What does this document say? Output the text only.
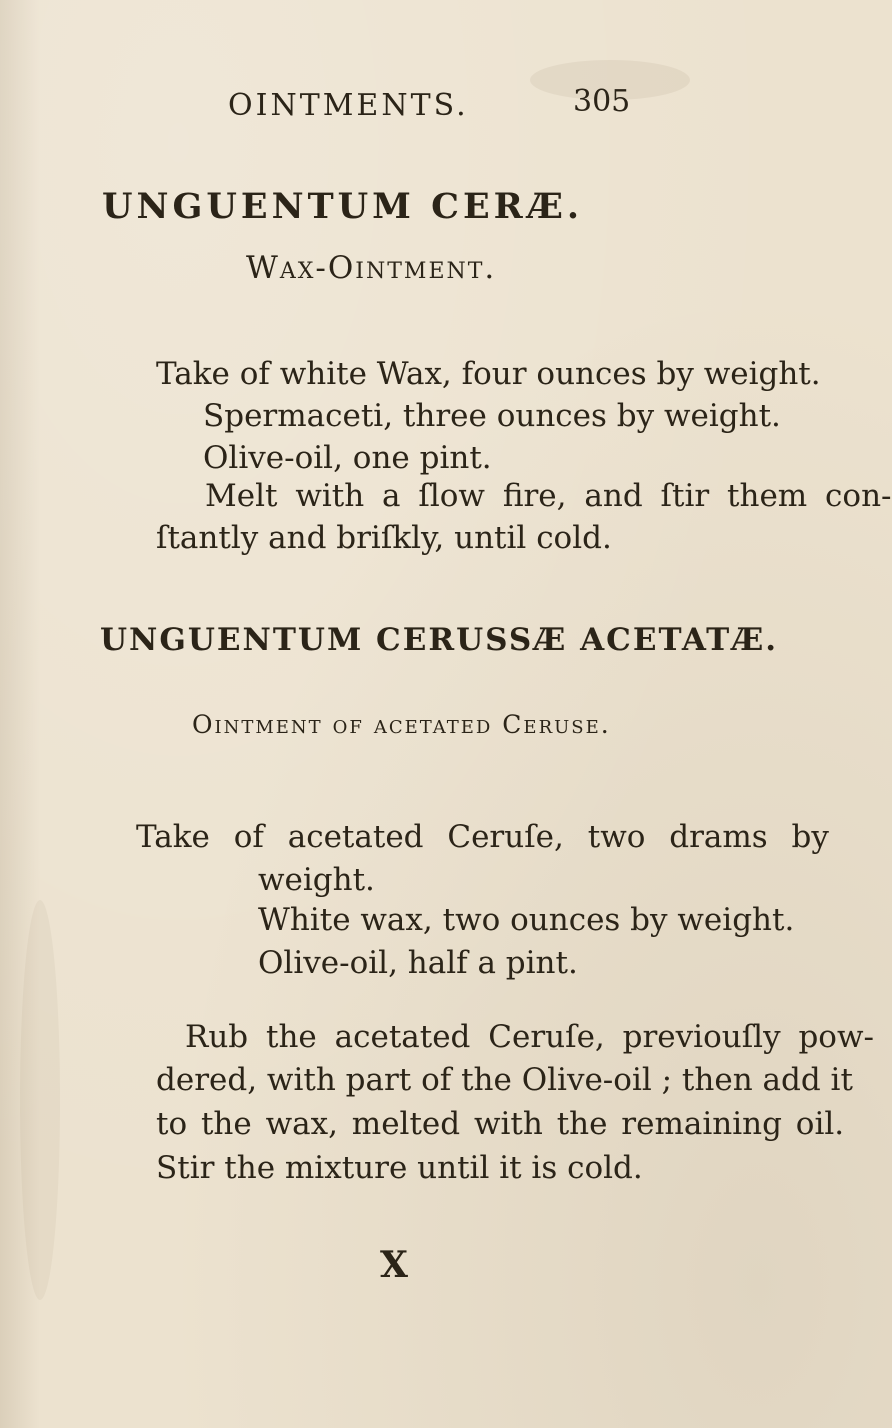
OINTMENTS.	305
UNGUENTUM CERÆ.
Wax-Ointment.
Take of white Wax, four ounces by weight.
Spermaceti, three ounces by weight.
Olive-oil, one pint.
Melt with a ſlow fire, and ſtir them con-
ſtantly and briſkly, until cold.
UNGUENTUM CERUSSÆ ACETATÆ.
Ointment of acetated Ceruse.
Take of acetated Ceruſe, two drams by
weight.
White wax, two ounces by weight.
Olive-oil, half a pint.
Rub the acetated Ceruſe, previouſly pow-
dered, with part of the Olive-oil ; then add it
to the wax, melted with the remaining oil.
Stir the mixture until it is cold.
X
